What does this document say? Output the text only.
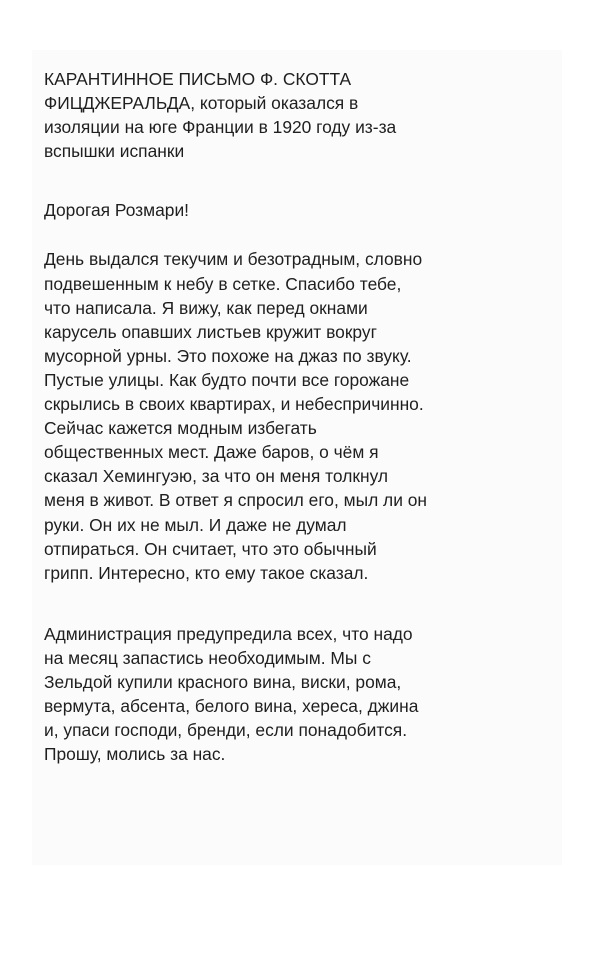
КАРАНТИННОЕ ПИСЬМО Ф. СКОТТА
ФИЦДЖЕРАЛЬДА, который оказался в
изоляции на юге Франции в 1920 году из-за
вспышки испанки
Дорогая Розмари!
День выдался текучим и безотрадным, словно
подвешенным к небу в сетке. Спасибо тебе,
что написала. Я вижу, как перед окнами
карусель опавших листьев кружит вокруг
мусорной урны. Это похоже на джаз по звуку.
Пустые улицы. Как будто почти все горожане
скрылись в своих квартирах, и небеспричинно.
Сейчас кажется модным избегать
общественных мест. Даже баров, о чём я
сказал Хемингуэю, за что он меня толкнул
меня в живот. В ответ я спросил его, мыл ли он
руки. Он их не мыл. И даже не думал
отпираться. Он считает, что это обычный
грипп. Интересно, кто ему такое сказал.
Администрация предупредила всех, что надо
на месяц запастись необходимым. Мы с
Зельдой купили красного вина, виски, рома,
вермута, абсента, белого вина, хереса, джина
и, упаси господи, бренди, если понадобится.
Прошу, молись за нас.
